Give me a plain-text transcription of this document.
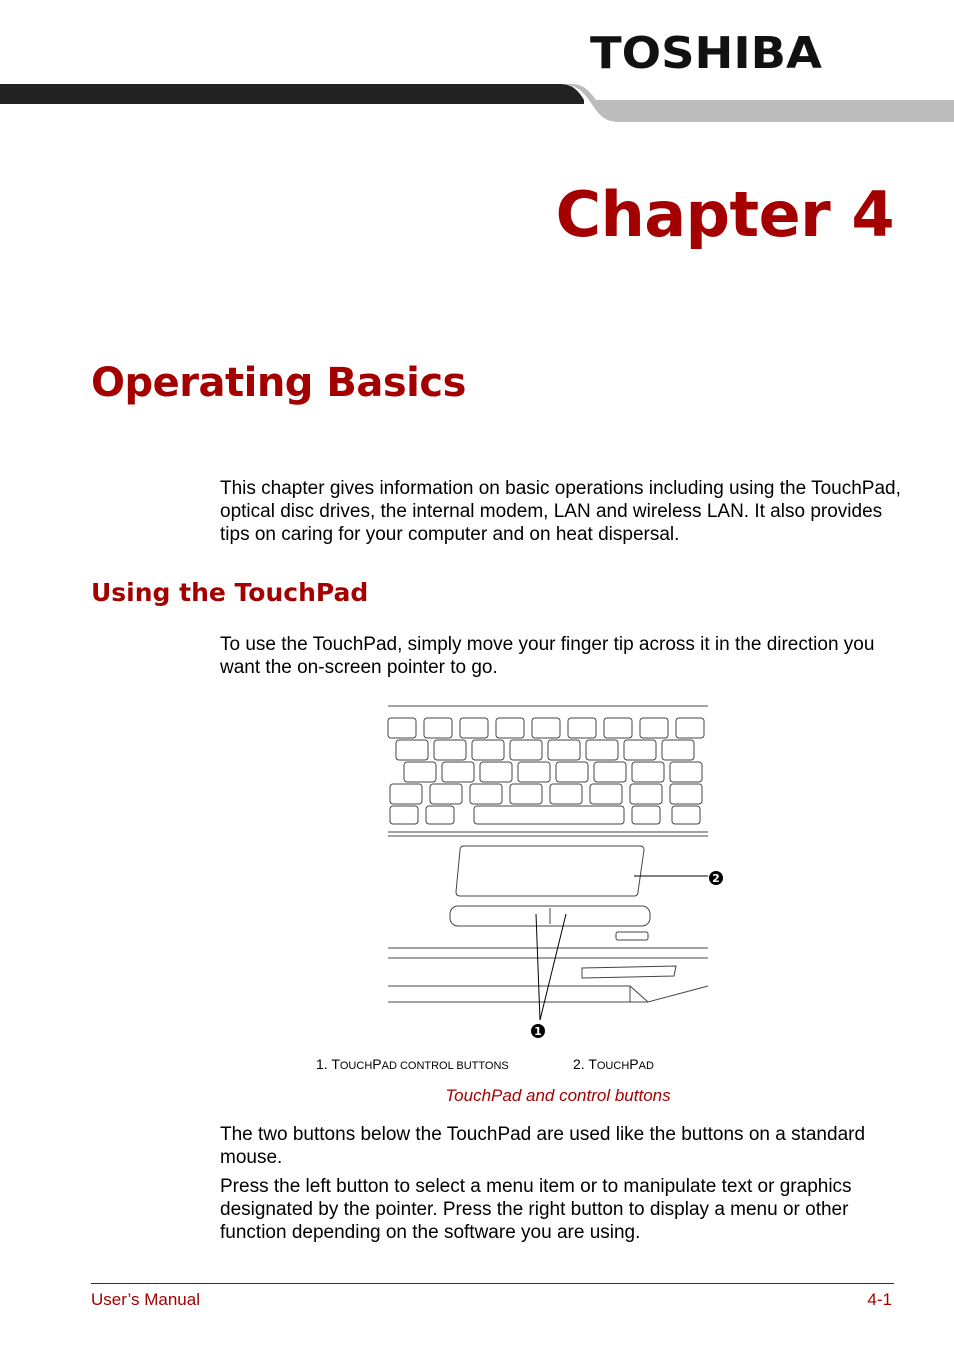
TOSHIBA
Chapter 4
Operating Basics
This chapter gives information on basic operations including using the TouchPad, optical disc drives, the internal modem, LAN and wireless LAN. It also provides tips on caring for your computer and on heat dispersal.
Using the TouchPad
To use the TouchPad, simply move your finger tip across it in the direction you want the on-screen pointer to go.
2
1
1. TOUCHPAD CONTROL BUTTONS	2. TOUCHPAD
TouchPad and control buttons
The two buttons below the TouchPad are used like the buttons on a standard mouse.
Press the left button to select a menu item or to manipulate text or graphics designated by the pointer. Press the right button to display a menu or other function depending on the software you are using.
User’s Manual	4-1
